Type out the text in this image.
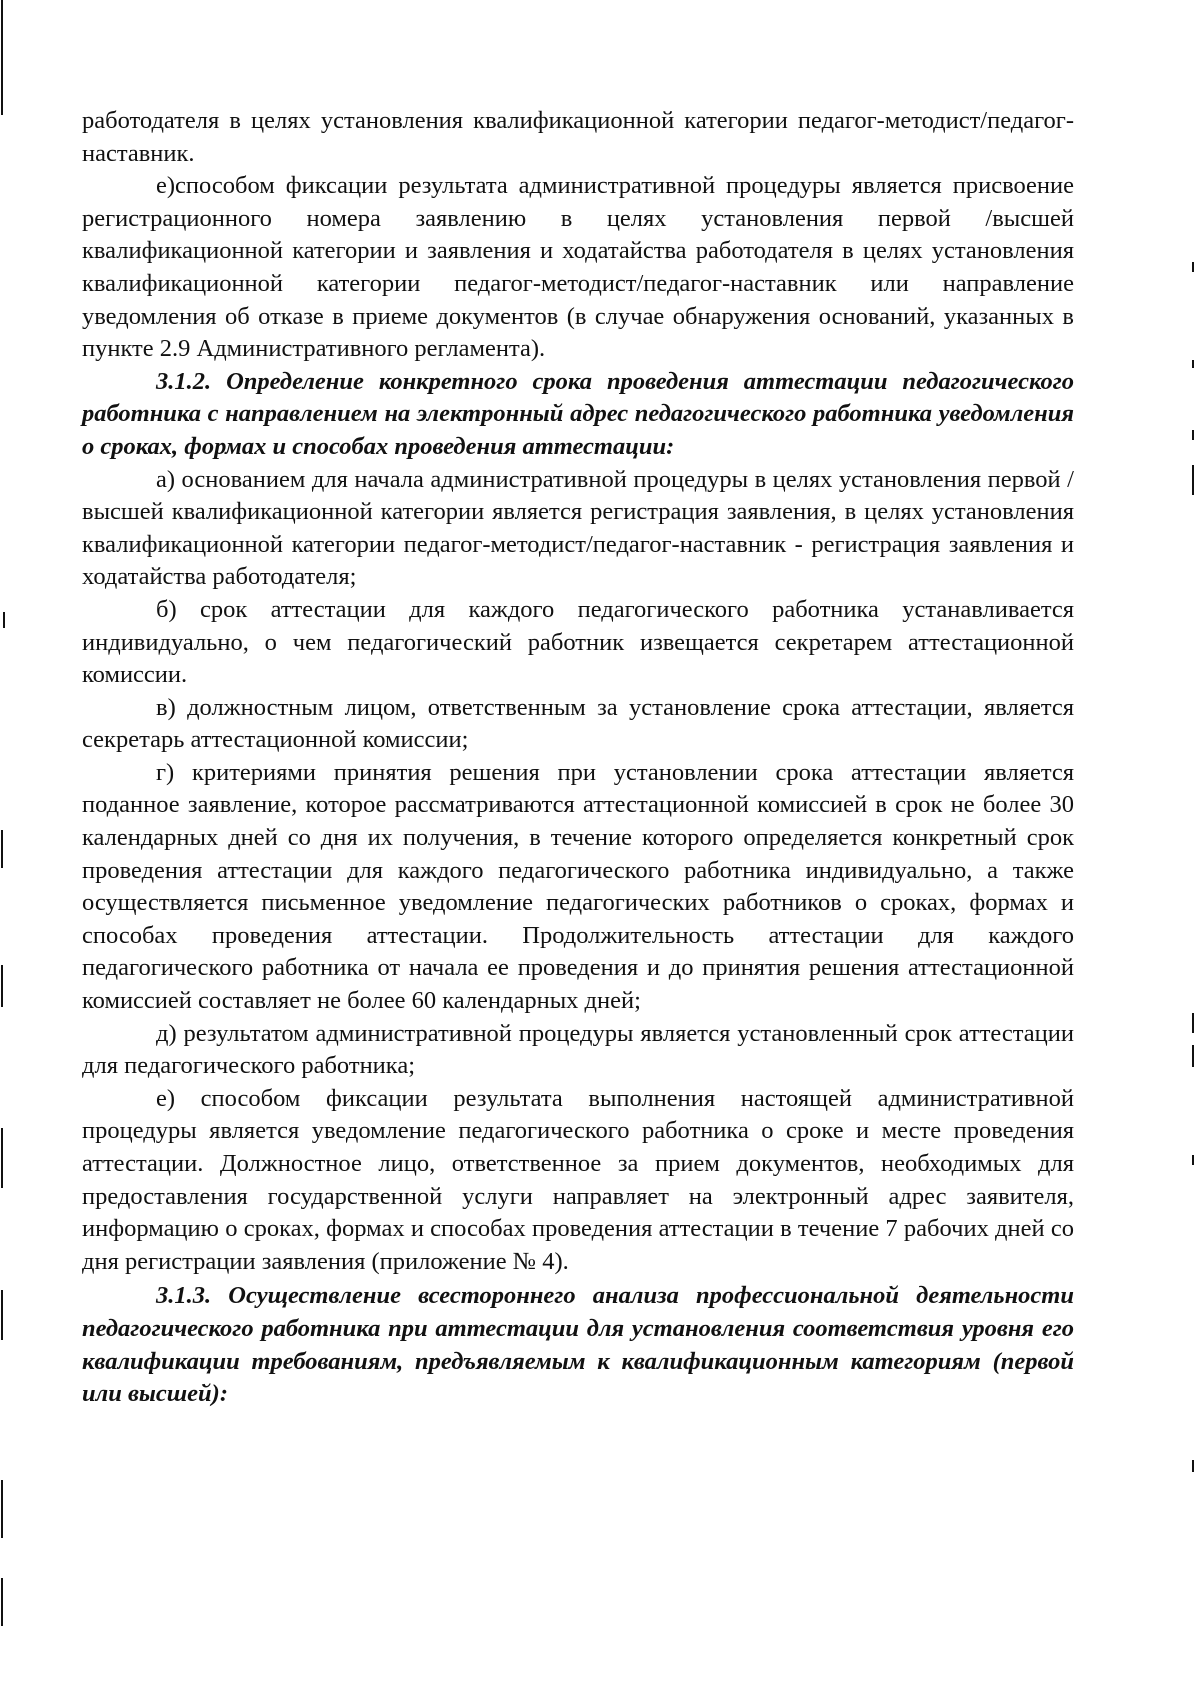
работодателя в целях установления квалификационной категории педагог-методист/педагог-наставник.

е)способом фиксации результата административной процедуры является присвоение регистрационного номера заявлению в целях установления первой /высшей квалификационной категории и заявления и ходатайства работодателя в целях установления квалификационной категории педагог-методист/педагог-наставник или направление уведомления об отказе в приеме документов (в случае обнаружения оснований, указанных в пункте 2.9 Административного регламента).

3.1.2. Определение конкретного срока проведения аттестации педагогического работника с направлением на электронный адрес педагогического работника уведомления о сроках, формах и способах проведения аттестации:

а) основанием для начала административной процедуры в целях установления первой /высшей квалификационной категории является регистрация заявления, в целях установления квалификационной категории педагог-методист/педагог-наставник - регистрация заявления и ходатайства работодателя;

б) срок аттестации для каждого педагогического работника устанавливается индивидуально, о чем педагогический работник извещается секретарем аттестационной комиссии.

в) должностным лицом, ответственным за установление срока аттестации, является секретарь аттестационной комиссии;

г) критериями принятия решения при установлении срока аттестации является поданное заявление, которое рассматриваются аттестационной комиссией в срок не более 30 календарных дней со дня их получения, в течение которого определяется конкретный срок проведения аттестации для каждого педагогического работника индивидуально, а также осуществляется письменное уведомление педагогических работников о сроках, формах и способах проведения аттестации. Продолжительность аттестации для каждого педагогического работника от начала ее проведения и до принятия решения аттестационной комиссией составляет не более 60 календарных дней;

д) результатом административной процедуры является установленный срок аттестации для педагогического работника;

е) способом фиксации результата выполнения настоящей административной процедуры является уведомление педагогического работника о сроке и месте проведения аттестации. Должностное лицо, ответственное за прием документов, необходимых для предоставления государственной услуги направляет на электронный адрес заявителя, информацию о сроках, формах и способах проведения аттестации в течение 7 рабочих дней со дня регистрации заявления (приложение № 4).

3.1.3. Осуществление всестороннего анализа профессиональной деятельности педагогического работника при аттестации для установления соответствия уровня его квалификации требованиям, предъявляемым к квалификационным категориям (первой или высшей):
